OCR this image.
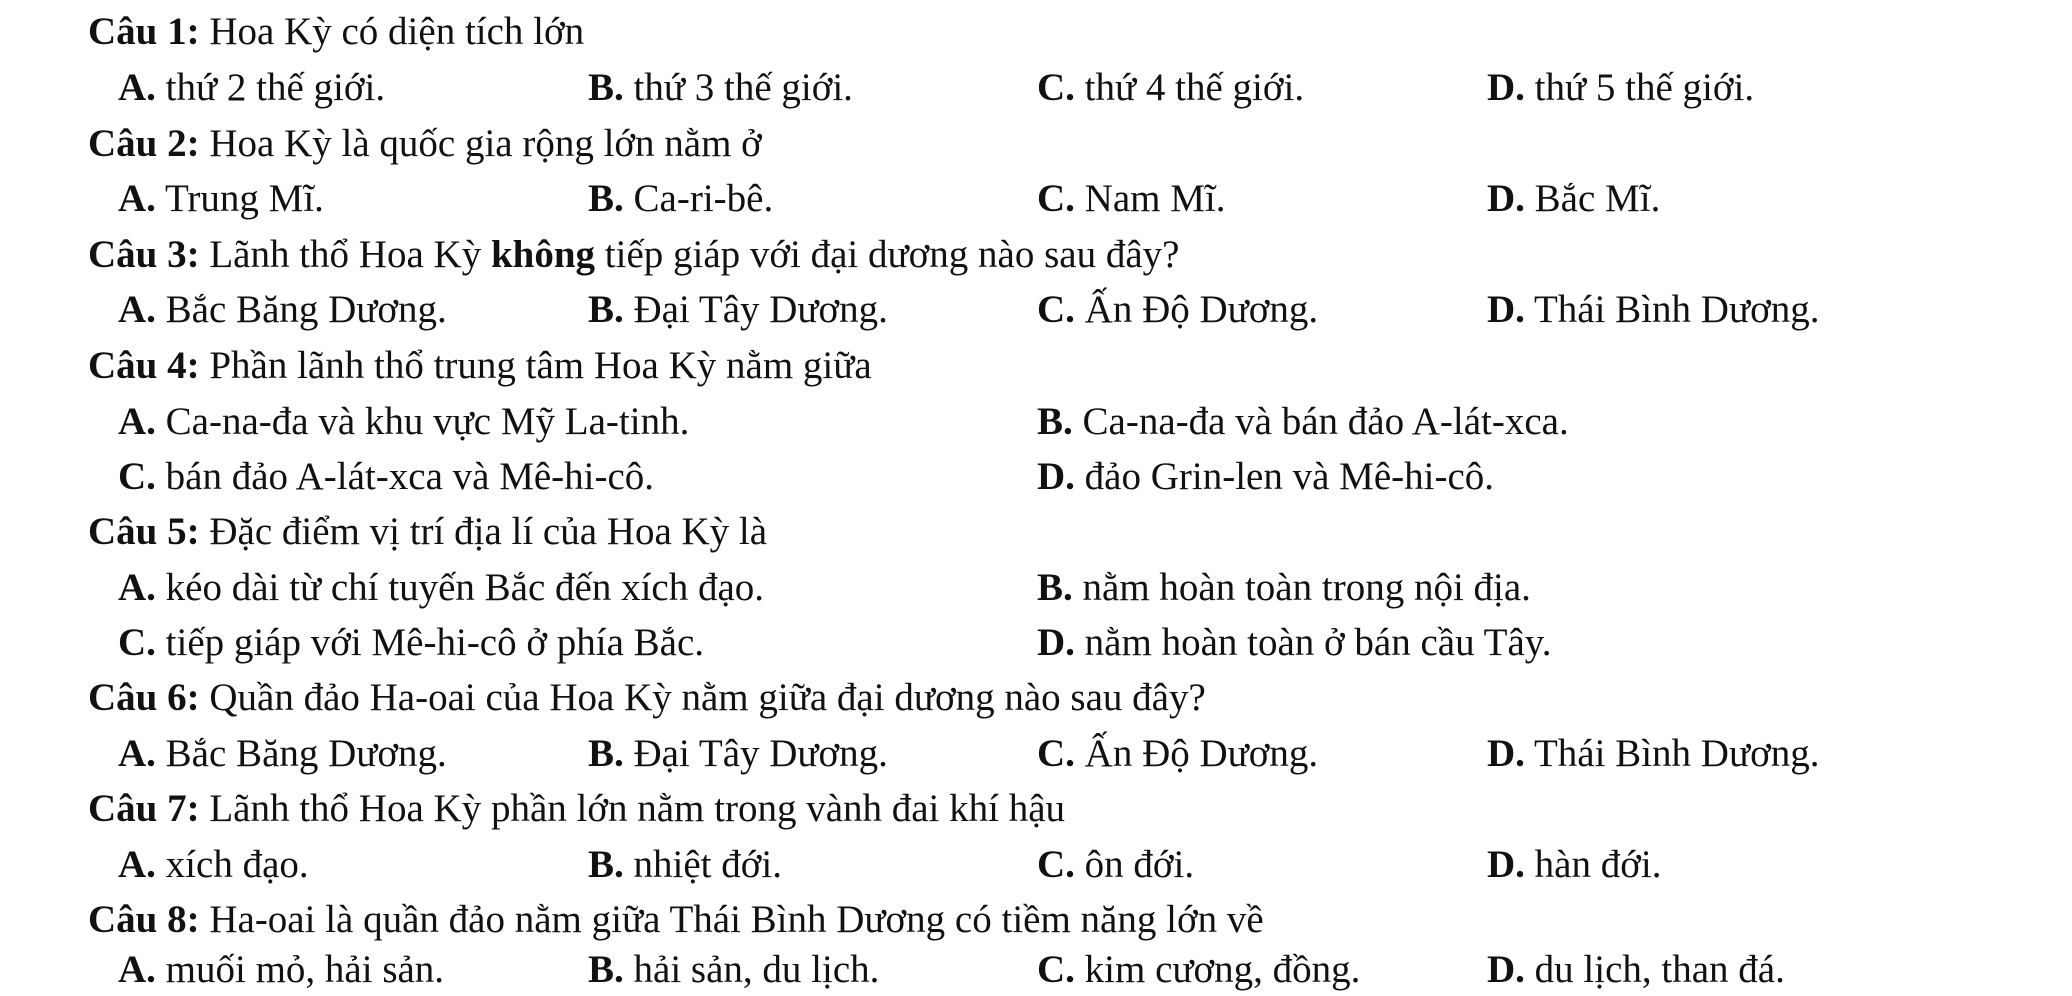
Câu 1: Hoa Kỳ có diện tích lớn
A. thứ 2 thế giới.	B. thứ 3 thế giới.	C. thứ 4 thế giới.	D. thứ 5 thế giới.
Câu 2: Hoa Kỳ là quốc gia rộng lớn nằm ở
A. Trung Mĩ.	B. Ca-ri-bê.	C. Nam Mĩ.	D. Bắc Mĩ.
Câu 3: Lãnh thổ Hoa Kỳ không tiếp giáp với đại dương nào sau đây?
A. Bắc Băng Dương.	B. Đại Tây Dương.	C. Ấn Độ Dương.	D. Thái Bình Dương.
Câu 4: Phần lãnh thổ trung tâm Hoa Kỳ nằm giữa
A. Ca-na-đa và khu vực Mỹ La-tinh.	B. Ca-na-đa và bán đảo A-lát-xca.
C. bán đảo A-lát-xca và Mê-hi-cô.	D. đảo Grin-len và Mê-hi-cô.
Câu 5: Đặc điểm vị trí địa lí của Hoa Kỳ là
A. kéo dài từ chí tuyến Bắc đến xích đạo.	B. nằm hoàn toàn trong nội địa.
C. tiếp giáp với Mê-hi-cô ở phía Bắc.	D. nằm hoàn toàn ở bán cầu Tây.
Câu 6: Quần đảo Ha-oai của Hoa Kỳ nằm giữa đại dương nào sau đây?
A. Bắc Băng Dương.	B. Đại Tây Dương.	C. Ấn Độ Dương.	D. Thái Bình Dương.
Câu 7: Lãnh thổ Hoa Kỳ phần lớn nằm trong vành đai khí hậu
A. xích đạo.	B. nhiệt đới.	C. ôn đới.	D. hàn đới.
Câu 8: Ha-oai là quần đảo nằm giữa Thái Bình Dương có tiềm năng lớn về
A. muối mỏ, hải sản.	B. hải sản, du lịch.	C. kim cương, đồng.	D. du lịch, than đá.
